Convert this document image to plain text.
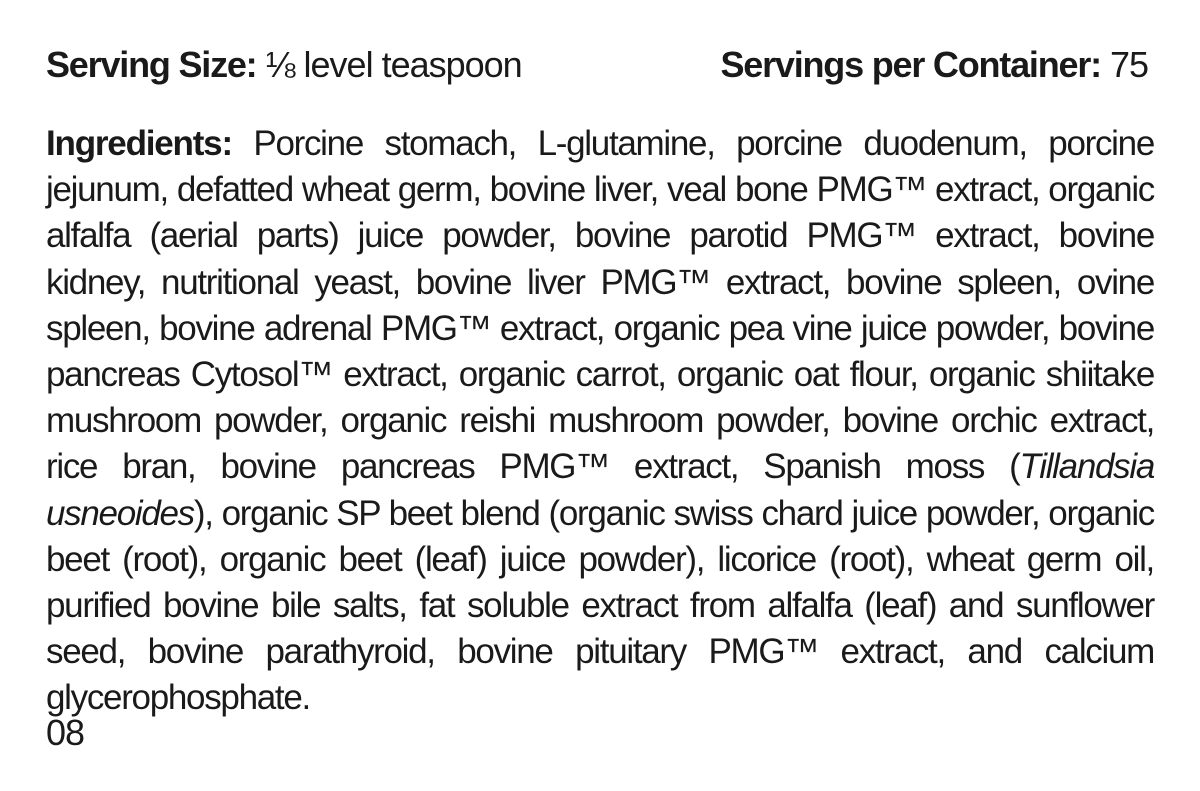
Serving Size: ⅛ level teaspoon	Servings per Container: 75

Ingredients: Porcine stomach, L-glutamine, porcine duodenum, porcine jejunum, defatted wheat germ, bovine liver, veal bone PMG™ extract, organic alfalfa (aerial parts) juice powder, bovine parotid PMG™ extract, bovine kidney, nutritional yeast, bovine liver PMG™ extract, bovine spleen, ovine spleen, bovine adrenal PMG™ extract, organic pea vine juice powder, bovine pancreas Cytosol™ extract, organic carrot, organic oat flour, organic shiitake mushroom powder, organic reishi mushroom powder, bovine orchic extract, rice bran, bovine pancreas PMG™ extract, Spanish moss (Tillandsia usneoides), organic SP beet blend (organic swiss chard juice powder, organic beet (root), organic beet (leaf) juice powder), licorice (root), wheat germ oil, purified bovine bile salts, fat soluble extract from alfalfa (leaf) and sunflower seed, bovine parathyroid, bovine pituitary PMG™ extract, and calcium glycerophosphate.

08
